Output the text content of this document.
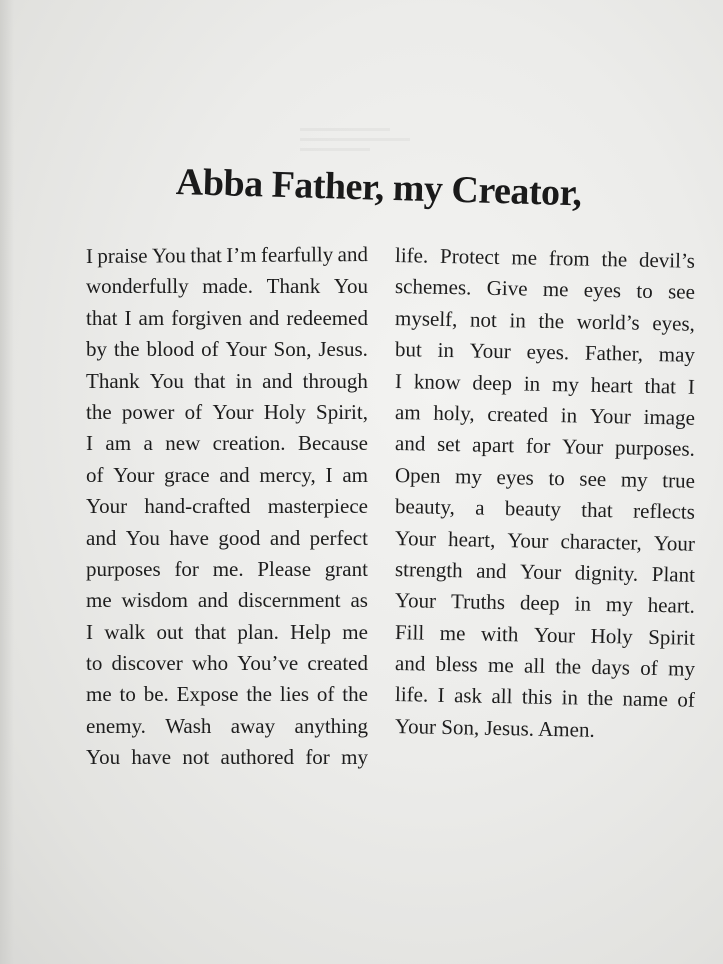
Abba Father, my Creator,
I praise You that I’m fearfully and
wonderfully made. Thank You
that I am forgiven and redeemed
by the blood of Your Son, Jesus.
Thank You that in and through
the power of Your Holy Spirit,
I am a new creation. Because
of Your grace and mercy, I am
Your hand-crafted masterpiece
and You have good and perfect
purposes for me. Please grant
me wisdom and discernment as
I walk out that plan. Help me
to discover who You’ve created
me to be. Expose the lies of the
enemy. Wash away anything
You have not authored for my
life. Protect me from the devil’s
schemes. Give me eyes to see
myself, not in the world’s eyes,
but in Your eyes. Father, may
I know deep in my heart that I
am holy, created in Your image
and set apart for Your purposes.
Open my eyes to see my true
beauty, a beauty that reflects
Your heart, Your character, Your
strength and Your dignity. Plant
Your Truths deep in my heart.
Fill me with Your Holy Spirit
and bless me all the days of my
life. I ask all this in the name of
Your Son, Jesus. Amen.
